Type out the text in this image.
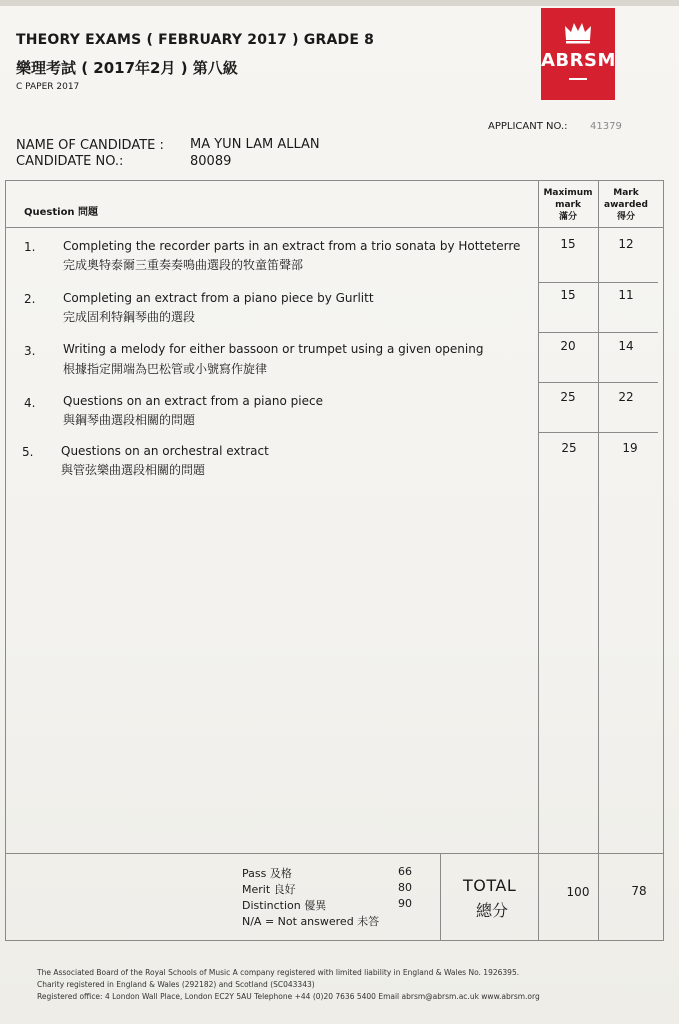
THEORY EXAMS ( FEBRUARY 2017 ) GRADE 8
樂理考試 ( 2017年2月 ) 第八級
C PAPER 2017
ABRSM
APPLICANT NO.: 41379
NAME OF CANDIDATE : MA YUN LAM ALLAN
CANDIDATE NO.:	80089
Question 問題
Maximum
mark
滿分
Mark
awarded
得分
1. Completing the recorder parts in an extract from a trio sonata by Hotteterre
完成奧特泰爾三重奏奏鳴曲選段的牧童笛聲部
15	12
2. Completing an extract from a piano piece by Gurlitt
完成固利特鋼琴曲的選段
15	11
3. Writing a melody for either bassoon or trumpet using a given opening
根據指定開端為巴松管或小號寫作旋律
20	14
4. Questions on an extract from a piano piece
與鋼琴曲選段相關的問題
25	22
5. Questions on an orchestral extract
與管弦樂曲選段相關的問題
25	19
Pass 及格	66
Merit 良好	80
Distinction 優異	90
N/A = Not answered 未答
TOTAL
總分
100	78
The Associated Board of the Royal Schools of Music A company registered with limited liability in England & Wales No. 1926395.
Charity registered in England & Wales (292182) and Scotland (SC043343)
Registered office: 4 London Wall Place, London EC2Y 5AU Telephone +44 (0)20 7636 5400 Email abrsm@abrsm.ac.uk www.abrsm.org
